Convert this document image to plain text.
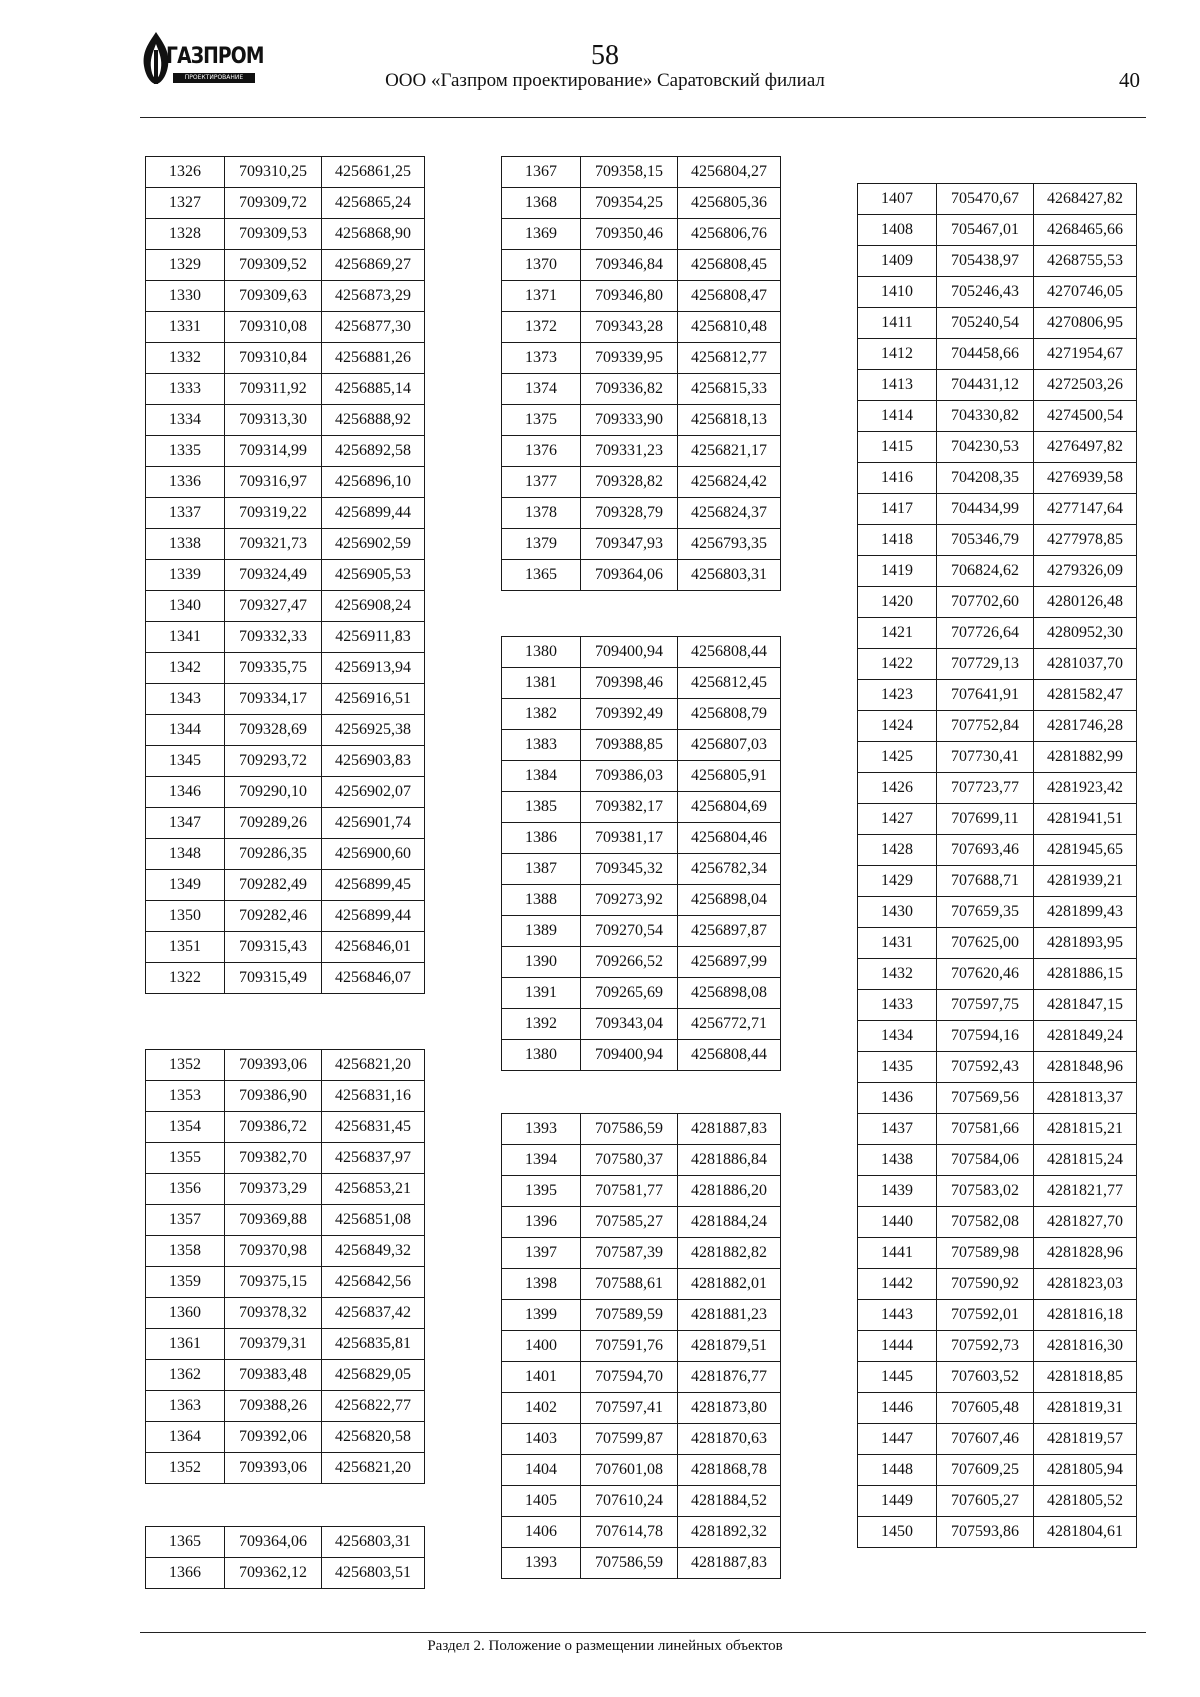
ГАЗПРОМ
ПРОЕКТИРОВАНИЕ
58
ООО «Газпром проектирование» Саратовский филиал	40
1326	709310,25	4256861,25
1327	709309,72	4256865,24
1328	709309,53	4256868,90
1329	709309,52	4256869,27
1330	709309,63	4256873,29
1331	709310,08	4256877,30
1332	709310,84	4256881,26
1333	709311,92	4256885,14
1334	709313,30	4256888,92
1335	709314,99	4256892,58
1336	709316,97	4256896,10
1337	709319,22	4256899,44
1338	709321,73	4256902,59
1339	709324,49	4256905,53
1340	709327,47	4256908,24
1341	709332,33	4256911,83
1342	709335,75	4256913,94
1343	709334,17	4256916,51
1344	709328,69	4256925,38
1345	709293,72	4256903,83
1346	709290,10	4256902,07
1347	709289,26	4256901,74
1348	709286,35	4256900,60
1349	709282,49	4256899,45
1350	709282,46	4256899,44
1351	709315,43	4256846,01
1322	709315,49	4256846,07
1352	709393,06	4256821,20
1353	709386,90	4256831,16
1354	709386,72	4256831,45
1355	709382,70	4256837,97
1356	709373,29	4256853,21
1357	709369,88	4256851,08
1358	709370,98	4256849,32
1359	709375,15	4256842,56
1360	709378,32	4256837,42
1361	709379,31	4256835,81
1362	709383,48	4256829,05
1363	709388,26	4256822,77
1364	709392,06	4256820,58
1352	709393,06	4256821,20
1365	709364,06	4256803,31
1366	709362,12	4256803,51
1367	709358,15	4256804,27
1368	709354,25	4256805,36
1369	709350,46	4256806,76
1370	709346,84	4256808,45
1371	709346,80	4256808,47
1372	709343,28	4256810,48
1373	709339,95	4256812,77
1374	709336,82	4256815,33
1375	709333,90	4256818,13
1376	709331,23	4256821,17
1377	709328,82	4256824,42
1378	709328,79	4256824,37
1379	709347,93	4256793,35
1365	709364,06	4256803,31
1380	709400,94	4256808,44
1381	709398,46	4256812,45
1382	709392,49	4256808,79
1383	709388,85	4256807,03
1384	709386,03	4256805,91
1385	709382,17	4256804,69
1386	709381,17	4256804,46
1387	709345,32	4256782,34
1388	709273,92	4256898,04
1389	709270,54	4256897,87
1390	709266,52	4256897,99
1391	709265,69	4256898,08
1392	709343,04	4256772,71
1380	709400,94	4256808,44
1393	707586,59	4281887,83
1394	707580,37	4281886,84
1395	707581,77	4281886,20
1396	707585,27	4281884,24
1397	707587,39	4281882,82
1398	707588,61	4281882,01
1399	707589,59	4281881,23
1400	707591,76	4281879,51
1401	707594,70	4281876,77
1402	707597,41	4281873,80
1403	707599,87	4281870,63
1404	707601,08	4281868,78
1405	707610,24	4281884,52
1406	707614,78	4281892,32
1393	707586,59	4281887,83
1407	705470,67	4268427,82
1408	705467,01	4268465,66
1409	705438,97	4268755,53
1410	705246,43	4270746,05
1411	705240,54	4270806,95
1412	704458,66	4271954,67
1413	704431,12	4272503,26
1414	704330,82	4274500,54
1415	704230,53	4276497,82
1416	704208,35	4276939,58
1417	704434,99	4277147,64
1418	705346,79	4277978,85
1419	706824,62	4279326,09
1420	707702,60	4280126,48
1421	707726,64	4280952,30
1422	707729,13	4281037,70
1423	707641,91	4281582,47
1424	707752,84	4281746,28
1425	707730,41	4281882,99
1426	707723,77	4281923,42
1427	707699,11	4281941,51
1428	707693,46	4281945,65
1429	707688,71	4281939,21
1430	707659,35	4281899,43
1431	707625,00	4281893,95
1432	707620,46	4281886,15
1433	707597,75	4281847,15
1434	707594,16	4281849,24
1435	707592,43	4281848,96
1436	707569,56	4281813,37
1437	707581,66	4281815,21
1438	707584,06	4281815,24
1439	707583,02	4281821,77
1440	707582,08	4281827,70
1441	707589,98	4281828,96
1442	707590,92	4281823,03
1443	707592,01	4281816,18
1444	707592,73	4281816,30
1445	707603,52	4281818,85
1446	707605,48	4281819,31
1447	707607,46	4281819,57
1448	707609,25	4281805,94
1449	707605,27	4281805,52
1450	707593,86	4281804,61
Раздел 2. Положение о размещении линейных объектов
